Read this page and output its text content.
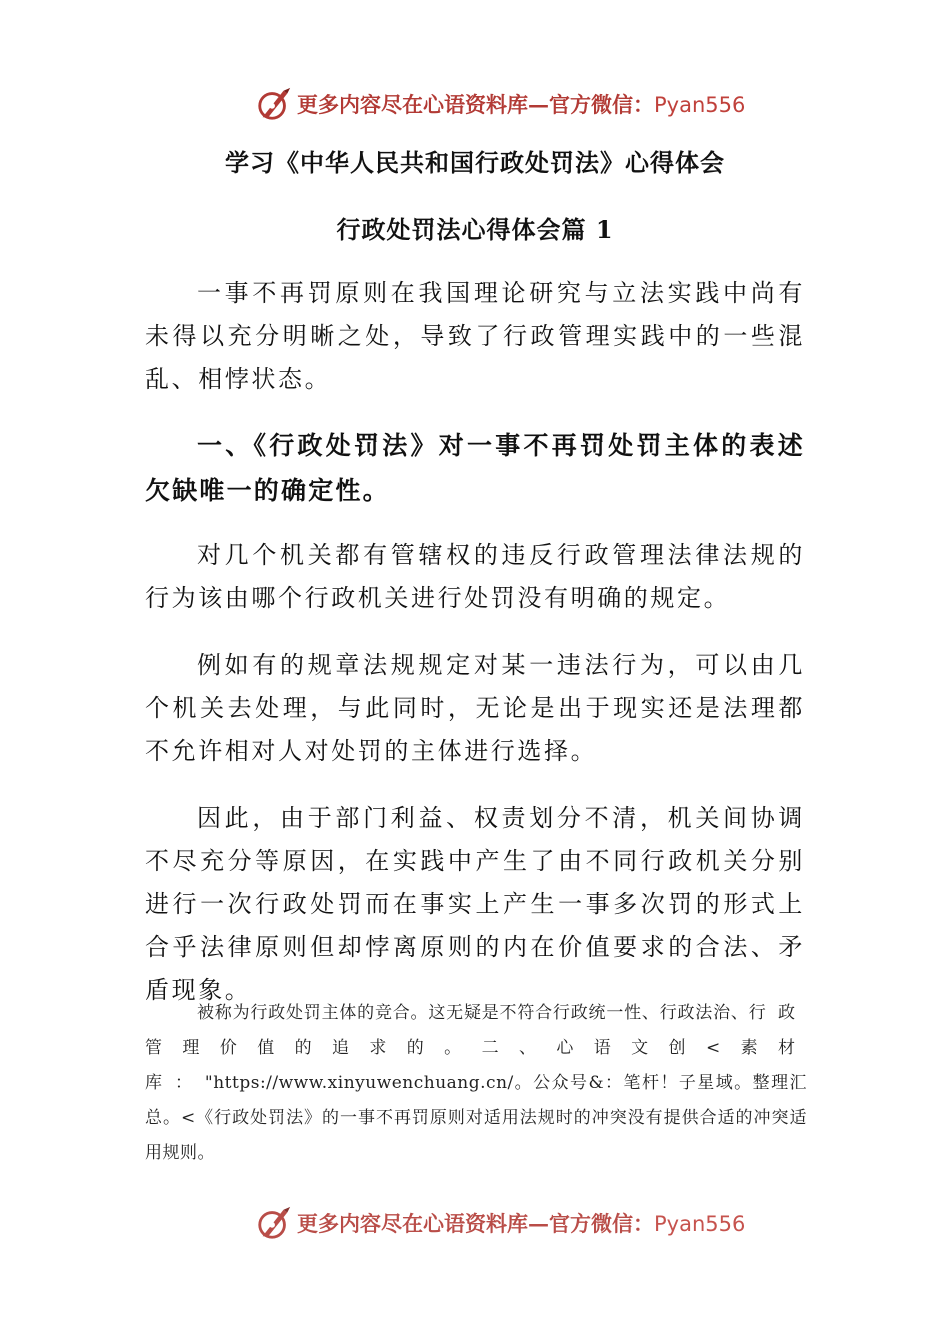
更多内容尽在心语资料库—官方微信：Pyan556
学习《中华人民共和国行政处罚法》心得体会
行政处罚法心得体会篇 1

一事不再罚原则在我国理论研究与立法实践中尚有未得以充分明晰之处，导致了行政管理实践中的一些混乱、相悖状态。

一、《行政处罚法》对一事不再罚处罚主体的表述欠缺唯一的确定性。

对几个机关都有管辖权的违反行政管理法律法规的行为该由哪个行政机关进行处罚没有明确的规定。

例如有的规章法规规定对某一违法行为，可以由几个机关去处理，与此同时，无论是出于现实还是法理都不允许相对人对处罚的主体进行选择。

因此，由于部门利益、权责划分不清，机关间协调不尽充分等原因，在实践中产生了由不同行政机关分别进行一次行政处罚而在事实上产生一事多次罚的形式上合乎法律原则但却悖离原则的内在价值要求的合法、矛盾现象。

被称为行政处罚主体的竞合。这无疑是不符合行政统一性、行政法治、行政管理价值的追求的。二、心语文创<素材库："https://www.xinyuwenchuang.cn/。公众号&：笔杆！子星域。整理汇总。<《行政处罚法》的一事不再罚原则对适用法规时的冲突没有提供合适的冲突适用规则。

更多内容尽在心语资料库—官方微信：Pyan556
